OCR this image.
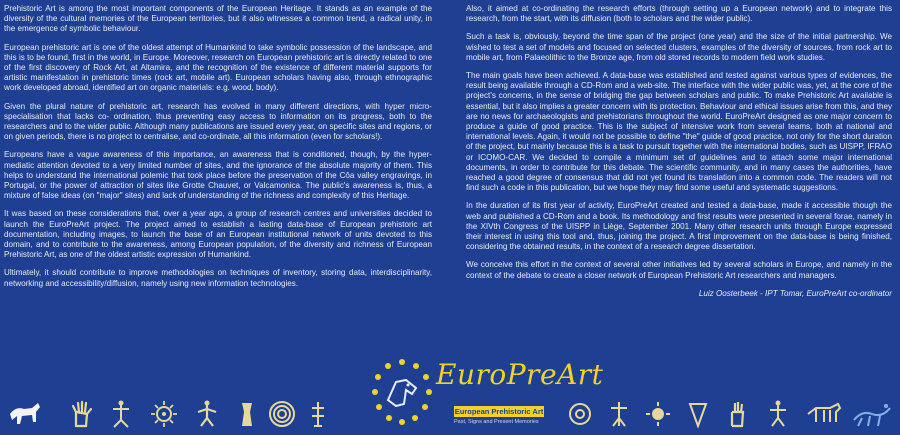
Prehistoric Art is among the most important components of the European Heritage. It stands as an example of the diversity of the cultural memories of the European territories, but it also witnesses a common trend, a radical unity, in the emergence of symbolic behaviour.

European prehistoric art is one of the oldest attempt of Humankind to take symbolic possession of the landscape, and this is to be found, first in the world, in Europe. Moreover, research on European prehistoric art is directly related to one of the first discovery of Rock Art, at Altamira, and the recognition of the existence of different material supports for artistic manifestation in prehistoric times (rock art, mobile art). European scholars having also, through ethnographic work developed abroad, identified art on organic materials: e.g. wood, body).

Given the plural nature of prehistoric art, research has evolved in many different directions, with hyper micro-specialisation that lacks co- ordination, thus preventing easy access to information on its progress, both to the researchers and to the wider public. Although many publications are issued every year, on specific sites and regions, or on given periods, there is no project to centralise, and co-ordinate, all this information (even for scholars!).

Europeans have a vague awareness of this importance, an awareness that is conditioned, though, by the hyper-mediatic attention devoted to a very limited number of sites, and the ignorance of the absolute majority of them. This helps to understand the international polemic that took place before the preservation of the Côa valley engravings, in Portugal, or the power of attraction of sites like Grotte Chauvet, or Valcamonica. The public's awareness is, thus, a mixture of false ideas (on "major" sites) and lack of understanding of the richness and complexity of this Heritage.

It was based on these considerations that, over a year ago, a group of research centres and universities decided to launch the EuroPreArt project. The project aimed to establish a lasting data-base of European prehistoric art documentation, including images, to launch the base of an European institutional network of units devoted to this domain, and to contribute to the awareness, among European population, of the diversity and richness of European Prehistoric Art, as one of the oldest artistic expression of Humankind.

Ultimately, it should contribute to improve methodologies on techniques of inventory, storing data, interdisciplinarity, networking and accessibility/diffusion, namely using new information technologies.

Also, it aimed at co-ordinating the research efforts (through setting up a European network) and to integrate this research, from the start, with its diffusion (both to scholars and the wider public).

Such a task is, obviously, beyond the time span of the project (one year) and the size of the initial partnership. We wished to test a set of models and focused on selected clusters, examples of the diversity of sources, from rock art to mobile art, from Palaeolithic to the Bronze age, from old stored records to modern field work studies.

The main goals have been achieved. A data-base was established and tested against various types of evidences, the result being available through a CD-Rom and a web-site. The interface with the wider public was, yet, at the core of the project's concerns, in the sense of bridging the gap between scholars and public. To make Prehistoric Art available is essential, but it also implies a greater concern with its protection. Behaviour and ethical issues arise from this, and they are no news for archaeologists and prehistorians throughout the world. EuroPreArt designed as one major concern to produce a guide of good practice. This is the subject of intensive work from several teams, both at national and international levels. Again, it would not be possible to define "the" guide of good practice, not only for the short duration of the project, but mainly because this is a task to pursuit together with the international bodies, such as UISPP, IFRAO or ICOMO-CAR. We decided to compile a minimum set of guidelines and to attach some major international documents, in order to contribute for this debate. The scientific community, and in many cases the authorities, have reached a good degree of consensus that did not yet found its translation into a common code. The readers will not find such a code in this publication, but we hope they may find some useful and systematic suggestions.

In the duration of its first year of activity, EuroPreArt created and tested a data-base, made it accessible though the web and published a CD-Rom and a book. Its methodology and first results were presented in several forae, namely in the XIVth Congress of the UISPP in Liège, September 2001. Many other research units through Europe expressed their interest in using this tool and, thus, joining the project. A first improvement on the data-base is being finished, considering the obtained results, in the context of a research degree dissertation.

We conceive this effort in the context of several other initiatives led by several scholars in Europe, and namely in the context of the debate to create a closer network of European Prehistoric Art researchers and managers.

Luiz Oosterbeek - IPT Tomar, EuroPreArt co-ordinator

EuroPreArt
European Prehistoric Art
Past, Signs and Present Memories
